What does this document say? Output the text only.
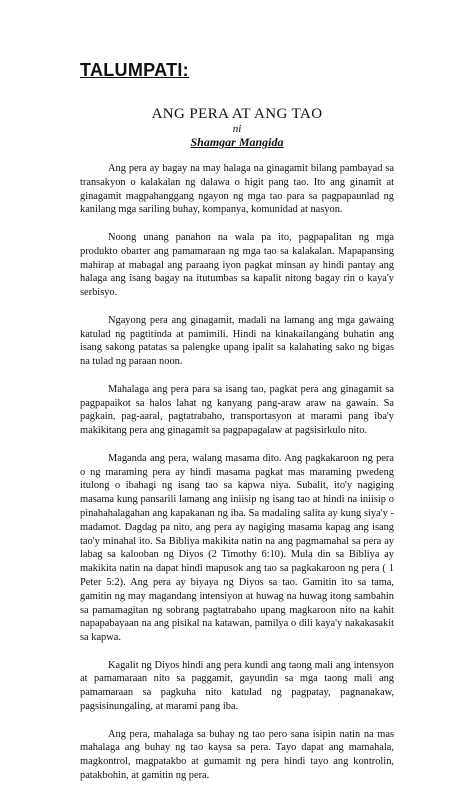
TALUMPATI:
ANG PERA AT ANG TAO
ni
Shamgar Mangida

Ang pera ay bagay na may halaga na ginagamit bilang pambayad sa transakyon o kalakalan ng dalawa o higit pang tao. Ito ang ginamit at ginagamit magpahanggang ngayon ng mga tao para sa pagpapaunlad ng kanilang mga sariling buhay, kompanya, komunidad at nasyon.

Noong unang panahon na wala pa ito, pagpapalitan ng mga produkto obarter ang pamamaraan ng mga tao sa kalakalan. Mapapansing mahirap at mabagal ang paraang iyon pagkat minsan ay hindi pantay ang halaga ang isang bagay na itutumbas sa kapalit nitong bagay rin o kaya'y serbisyo.

Ngayong pera ang ginagamit, madali na lamang ang mga gawaing katulad ng pagtitinda at pamimili. Hindi na kinakailangang buhatin ang isang sakong patatas sa palengke upang ipalit sa kalahating sako ng bigas na tulad ng paraan noon.

Mahalaga ang pera para sa isang tao, pagkat pera ang ginagamit sa pagpapaikot sa halos lahat ng kanyang pang-araw araw na gawain. Sa pagkain, pag-aaral, pagtatrabaho, transportasyon at marami pang iba'y makikitang pera ang ginagamit sa pagpapagalaw at pagsisirkulo nito.

Maganda ang pera, walang masama dito. Ang pagkakaroon ng pera o ng maraming pera ay hindi masama pagkat mas maraming pwedeng itulong o ibahagi ng isang tao sa kapwa niya. Subalit, ito'y nagiging masama kung pansarili lamang ang iniisip ng isang tao at hindi na iniisip o pinahahalagahan ang kapakanan ng iba. Sa madaling salita ay kung siya'y - madamot. Dagdag pa nito, ang pera ay nagiging masama kapag ang isang tao'y minahal ito. Sa Bibliya makikita natin na ang pagmamahal sa pera ay labag sa kalooban ng Diyos (2 Timothy 6:10). Mula din sa Bibliya ay makikita natin na dapat hindi mapusok ang tao sa pagkakaroon ng pera ( 1 Peter 5:2). Ang pera ay biyaya ng Diyos sa tao. Gamitin ito sa tama, gamitin ng may magandang intensiyon at huwag na huwag itong sambahin sa pamamagitan ng sobrang pagtatrabaho upang magkaroon nito na kahit napapabayaan na ang pisikal na katawan, pamilya o dili kaya'y nakakasakit sa kapwa.

Kagalit ng Diyos hindi ang pera kundi ang taong mali ang intensyon at pamamaraan nito sa paggamit, gayundin sa mga taong mali ang pamamaraan sa pagkuha nito katulad ng pagpatay, pagnanakaw, pagsisinungaling, at marami pang iba.

Ang pera, mahalaga sa buhay ng tao pero sana isipin natin na mas mahalaga ang buhay ng tao kaysa sa pera. Tayo dapat ang mamahala, magkontrol, magpatakbo at gumamit ng pera hindi tayo ang kontrolin, patakbohin, at gamitin ng pera.
